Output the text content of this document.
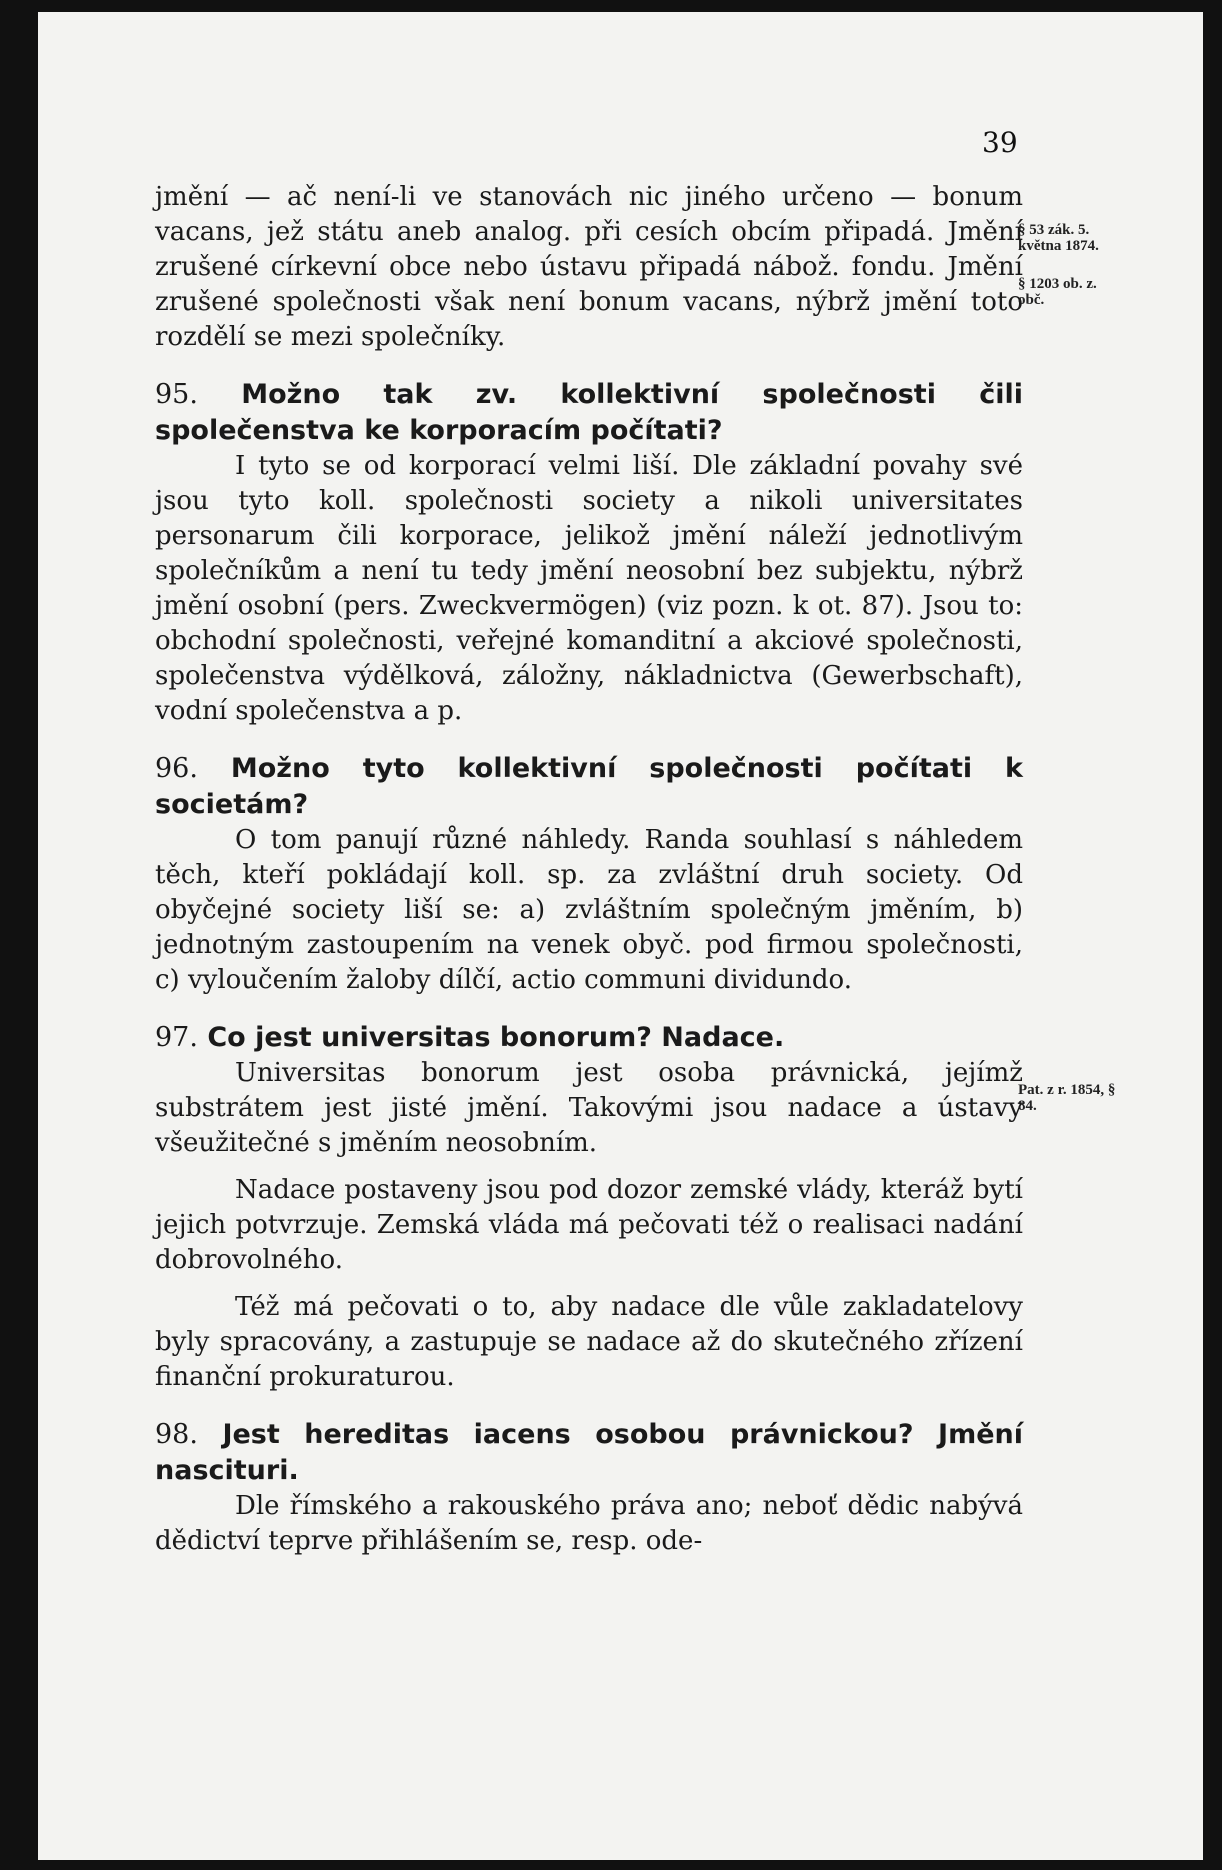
39
§ 53 zák. 5. května 1874.
§ 1203 ob. z. obč.
Pat. z r. 1854, § 84.

jmění — ač není-li ve stanovách nic jiného určeno — bonum vacans, jež státu aneb analog. při cesích obcím připadá. Jmění zrušené církevní obce nebo ústavu připadá nábož. fondu. Jmění zrušené společnosti však není bonum vacans, nýbrž jmění toto rozdělí se mezi společníky.

95. Možno tak zv. kollektivní společnosti čili společenstva ke korporacím počítati?

I tyto se od korporací velmi liší. Dle základní povahy své jsou tyto koll. společnosti society a nikoli universitates personarum čili korporace, jelikož jmění náleží jednotlivým společníkům a není tu tedy jmění neosobní bez subjektu, nýbrž jmění osobní (pers. Zweckvermögen) (viz pozn. k ot. 87). Jsou to: obchodní společnosti, veřejné komanditní a akciové společnosti, společenstva výdělková, záložny, nákladnictva (Gewerbschaft), vodní společenstva a p.

96. Možno tyto kollektivní společnosti počítati k societám?

O tom panují různé náhledy. Randa souhlasí s náhledem těch, kteří pokládají koll. sp. za zvláštní druh society. Od obyčejné society liší se: a) zvláštním společným jměním, b) jednotným zastoupením na venek obyč. pod firmou společnosti, c) vyloučením žaloby dílčí, actio communi dividundo.

97. Co jest universitas bonorum? Nadace.

Universitas bonorum jest osoba právnická, jejímž substrátem jest jisté jmění. Takovými jsou nadace a ústavy všeužitečné s jměním neosobním.

Nadace postaveny jsou pod dozor zemské vlády, kteráž bytí jejich potvrzuje. Zemská vláda má pečovati též o realisaci nadání dobrovolného.

Též má pečovati o to, aby nadace dle vůle zakladatelovy byly spracovány, a zastupuje se nadace až do skutečného zřízení finanční prokuraturou.

98. Jest hereditas iacens osobou právnickou? Jmění nascituri.

Dle římského a rakouského práva ano; neboť dědic nabývá dědictví teprve přihlášením se, resp. ode-
